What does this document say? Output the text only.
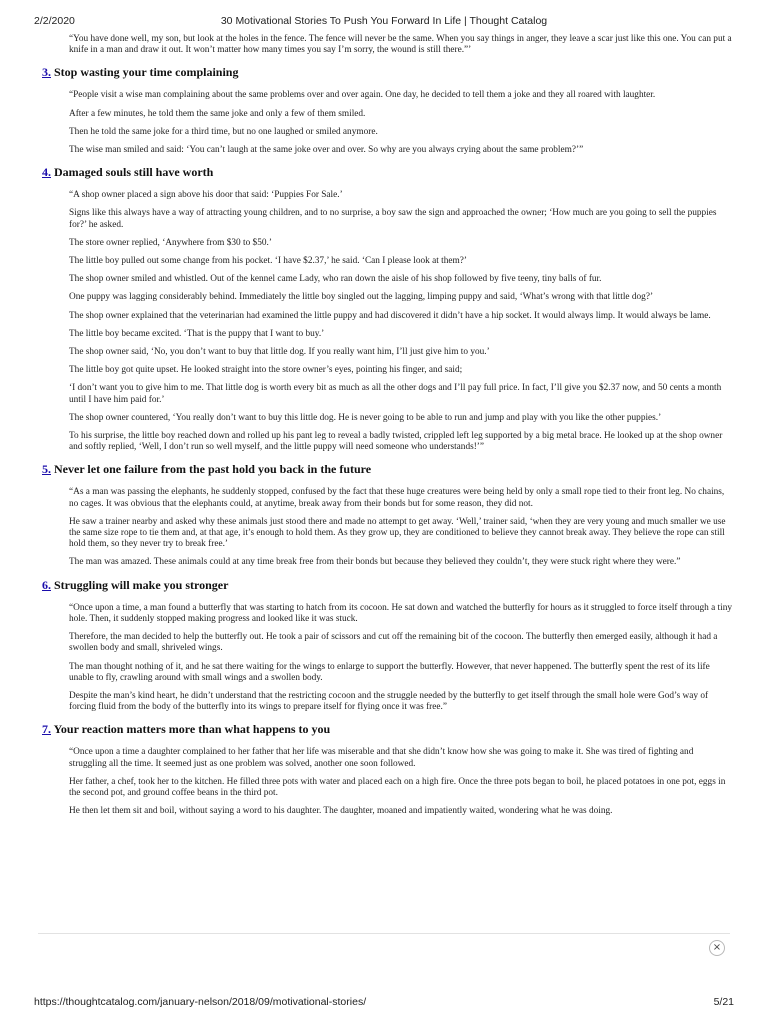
2/2/2020	30 Motivational Stories To Push You Forward In Life | Thought Catalog

“You have done well, my son, but look at the holes in the fence. The fence will never be the same. When you say things in anger, they leave a scar just like this one. You can put a knife in a man and draw it out. It won’t matter how many times you say I’m sorry, the wound is still there.”’

3. Stop wasting your time complaining

“People visit a wise man complaining about the same problems over and over again. One day, he decided to tell them a joke and they all roared with laughter.

After a few minutes, he told them the same joke and only a few of them smiled.

Then he told the same joke for a third time, but no one laughed or smiled anymore.

The wise man smiled and said: ‘You can’t laugh at the same joke over and over. So why are you always crying about the same problem?’”

4. Damaged souls still have worth

“A shop owner placed a sign above his door that said: ‘Puppies For Sale.’

Signs like this always have a way of attracting young children, and to no surprise, a boy saw the sign and approached the owner; ‘How much are you going to sell the puppies for?’ he asked.

The store owner replied, ‘Anywhere from $30 to $50.’

The little boy pulled out some change from his pocket. ‘I have $2.37,’ he said. ‘Can I please look at them?’

The shop owner smiled and whistled. Out of the kennel came Lady, who ran down the aisle of his shop followed by five teeny, tiny balls of fur.

One puppy was lagging considerably behind. Immediately the little boy singled out the lagging, limping puppy and said, ‘What’s wrong with that little dog?’

The shop owner explained that the veterinarian had examined the little puppy and had discovered it didn’t have a hip socket. It would always limp. It would always be lame.

The little boy became excited. ‘That is the puppy that I want to buy.’

The shop owner said, ‘No, you don’t want to buy that little dog. If you really want him, I’ll just give him to you.’

The little boy got quite upset. He looked straight into the store owner’s eyes, pointing his finger, and said;

‘I don’t want you to give him to me. That little dog is worth every bit as much as all the other dogs and I’ll pay full price. In fact, I’ll give you $2.37 now, and 50 cents a month until I have him paid for.’

The shop owner countered, ‘You really don’t want to buy this little dog. He is never going to be able to run and jump and play with you like the other puppies.’

To his surprise, the little boy reached down and rolled up his pant leg to reveal a badly twisted, crippled left leg supported by a big metal brace. He looked up at the shop owner and softly replied, ‘Well, I don’t run so well myself, and the little puppy will need someone who understands!’”

5. Never let one failure from the past hold you back in the future

“As a man was passing the elephants, he suddenly stopped, confused by the fact that these huge creatures were being held by only a small rope tied to their front leg. No chains, no cages. It was obvious that the elephants could, at anytime, break away from their bonds but for some reason, they did not.

He saw a trainer nearby and asked why these animals just stood there and made no attempt to get away. ‘Well,’ trainer said, ‘when they are very young and much smaller we use the same size rope to tie them and, at that age, it’s enough to hold them. As they grow up, they are conditioned to believe they cannot break away. They believe the rope can still hold them, so they never try to break free.’

The man was amazed. These animals could at any time break free from their bonds but because they believed they couldn’t, they were stuck right where they were.”

6. Struggling will make you stronger

“Once upon a time, a man found a butterfly that was starting to hatch from its cocoon. He sat down and watched the butterfly for hours as it struggled to force itself through a tiny hole. Then, it suddenly stopped making progress and looked like it was stuck.

Therefore, the man decided to help the butterfly out. He took a pair of scissors and cut off the remaining bit of the cocoon. The butterfly then emerged easily, although it had a swollen body and small, shriveled wings.

The man thought nothing of it, and he sat there waiting for the wings to enlarge to support the butterfly. However, that never happened. The butterfly spent the rest of its life unable to fly, crawling around with small wings and a swollen body.

Despite the man’s kind heart, he didn’t understand that the restricting cocoon and the struggle needed by the butterfly to get itself through the small hole were God’s way of forcing fluid from the body of the butterfly into its wings to prepare itself for flying once it was free.”

7. Your reaction matters more than what happens to you

“Once upon a time a daughter complained to her father that her life was miserable and that she didn’t know how she was going to make it. She was tired of fighting and struggling all the time. It seemed just as one problem was solved, another one soon followed.

Her father, a chef, took her to the kitchen. He filled three pots with water and placed each on a high fire. Once the three pots began to boil, he placed potatoes in one pot, eggs in the second pot, and ground coffee beans in the third pot.

He then let them sit and boil, without saying a word to his daughter. The daughter, moaned and impatiently waited, wondering what he was doing.

×
https://thoughtcatalog.com/january-nelson/2018/09/motivational-stories/	5/21
